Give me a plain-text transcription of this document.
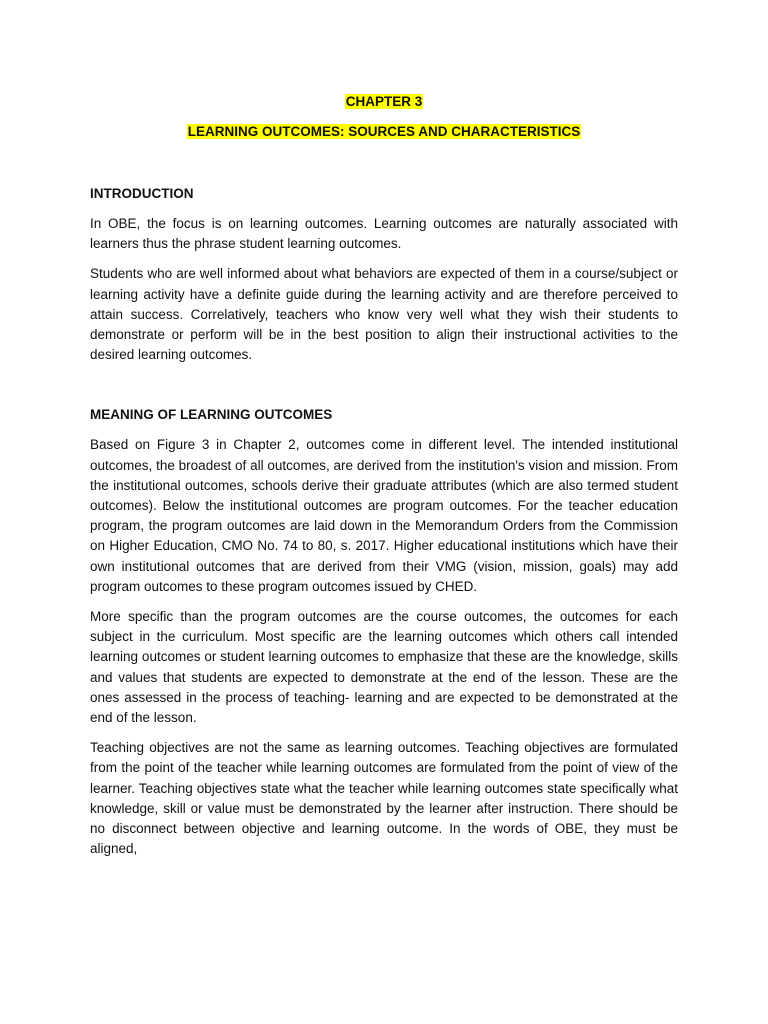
CHAPTER 3
LEARNING OUTCOMES: SOURCES AND CHARACTERISTICS
INTRODUCTION

In OBE, the focus is on learning outcomes. Learning outcomes are naturally associated with learners thus the phrase student learning outcomes.

Students who are well informed about what behaviors are expected of them in a course/subject or learning activity have a definite guide during the learning activity and are therefore perceived to attain success. Correlatively, teachers who know very well what they wish their students to demonstrate or perform will be in the best position to align their instructional activities to the desired learning outcomes.

MEANING OF LEARNING OUTCOMES

Based on Figure 3 in Chapter 2, outcomes come in different level. The intended institutional outcomes, the broadest of all outcomes, are derived from the institution's vision and mission. From the institutional outcomes, schools derive their graduate attributes (which are also termed student outcomes). Below the institutional outcomes are program outcomes. For the teacher education program, the program outcomes are laid down in the Memorandum Orders from the Commission on Higher Education, CMO No. 74 to 80, s. 2017. Higher educational institutions which have their own institutional outcomes that are derived from their VMG (vision, mission, goals) may add program outcomes to these program outcomes issued by CHED.

More specific than the program outcomes are the course outcomes, the outcomes for each subject in the curriculum. Most specific are the learning outcomes which others call intended learning outcomes or student learning outcomes to emphasize that these are the knowledge, skills and values that students are expected to demonstrate at the end of the lesson. These are the ones assessed in the process of teaching- learning and are expected to be demonstrated at the end of the lesson.

Teaching objectives are not the same as learning outcomes. Teaching objectives are formulated from the point of the teacher while learning outcomes are formulated from the point of view of the learner. Teaching objectives state what the teacher while learning outcomes state specifically what knowledge, skill or value must be demonstrated by the learner after instruction. There should be no disconnect between objective and learning outcome. In the words of OBE, they must be aligned,
